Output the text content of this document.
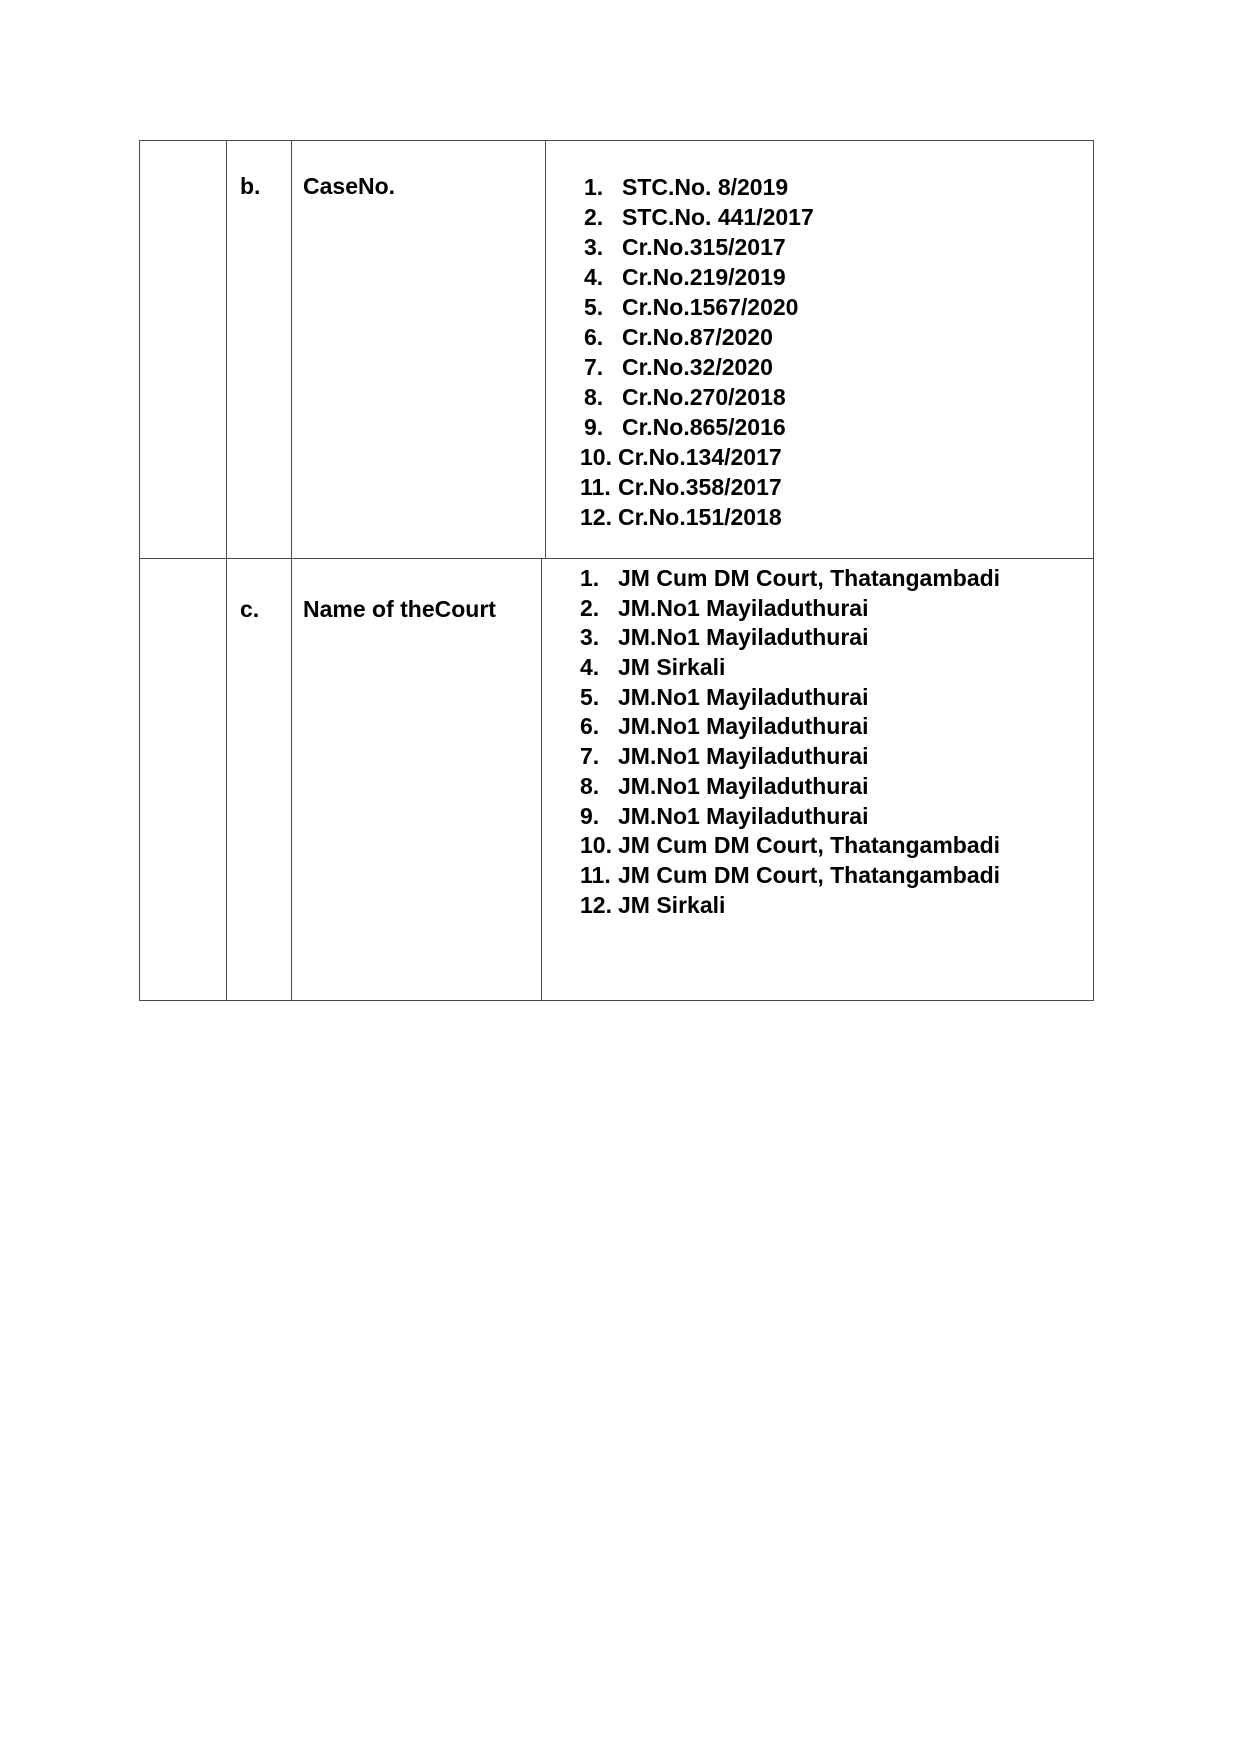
b. CaseNo.	1. STC.No. 8/2019
2. STC.No. 441/2017
3. Cr.No.315/2017
4. Cr.No.219/2019
5. Cr.No.1567/2020
6. Cr.No.87/2020
7. Cr.No.32/2020
8. Cr.No.270/2018
9. Cr.No.865/2016
10. Cr.No.134/2017
11. Cr.No.358/2017
12. Cr.No.151/2018
c. Name of theCourt
1. JM Cum DM Court, Thatangambadi
2. JM.No1 Mayiladuthurai
3. JM.No1 Mayiladuthurai
4. JM Sirkali
5. JM.No1 Mayiladuthurai
6. JM.No1 Mayiladuthurai
7. JM.No1 Mayiladuthurai
8. JM.No1 Mayiladuthurai
9. JM.No1 Mayiladuthurai
10. JM Cum DM Court, Thatangambadi
11. JM Cum DM Court, Thatangambadi
12. JM Sirkali
